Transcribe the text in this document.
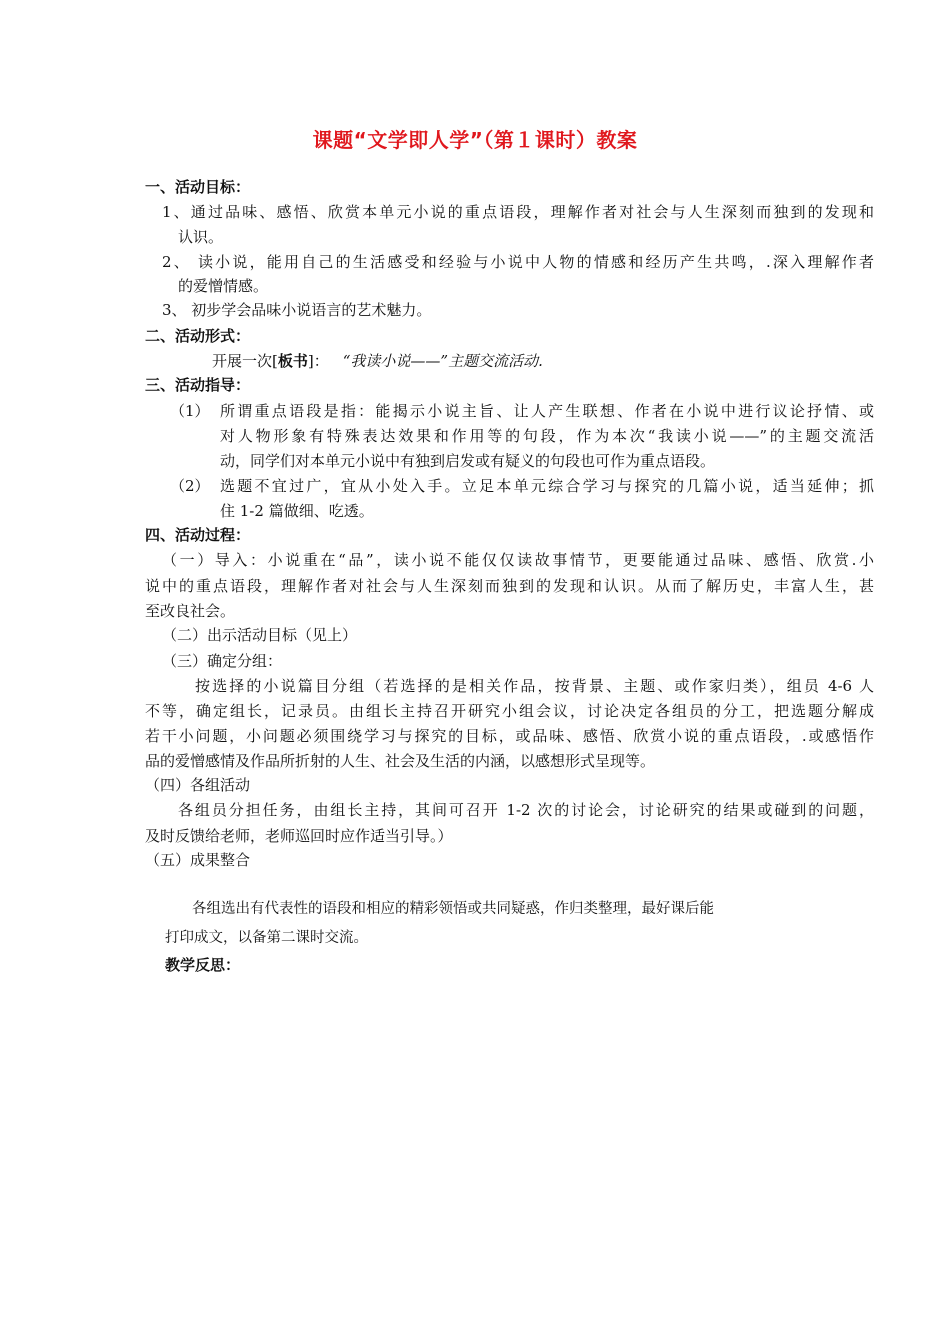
课题“文学即人学”（第１课时）教案
一、活动目标：
1、通过品味、感悟、欣赏本单元小说的重点语段，理解作者对社会与人生深刻而独到的发现和
认识。
2、 读小说，能用自己的生活感受和经验与小说中人物的情感和经历产生共鸣，.深入理解作者
的爱憎情感。
3、 初步学会品味小说语言的艺术魅力。
二、活动形式：
开展一次[板书]： “我读小说——”主题交流活动.
三、活动指导：
（1） 所谓重点语段是指：能揭示小说主旨、让人产生联想、作者在小说中进行议论抒情、或
对人物形象有特殊表达效果和作用等的句段，作为本次“我读小说——”的主题交流活
动，同学们对本单元小说中有独到启发或有疑义的句段也可作为重点语段。
（2） 选题不宜过广，宜从小处入手。立足本单元综合学习与探究的几篇小说，适当延伸；抓
住 1-2 篇做细、吃透。
四、活动过程：
（一）导入：小说重在“品”，读小说不能仅仅读故事情节，更要能通过品味、感悟、欣赏.小
说中的重点语段，理解作者对社会与人生深刻而独到的发现和认识。从而了解历史，丰富人生，甚
至改良社会。
（二）出示活动目标（见上）
（三）确定分组：
按选择的小说篇目分组（若选择的是相关作品，按背景、主题、或作家归类），组员 4-6 人
不等，确定组长，记录员。由组长主持召开研究小组会议，讨论决定各组员的分工，把选题分解成
若干小问题，小问题必须围绕学习与探究的目标，或品味、感悟、欣赏小说的重点语段，.或感悟作
品的爱憎感情及作品所折射的人生、社会及生活的内涵，以感想形式呈现等。
（四）各组活动
各组员分担任务，由组长主持，其间可召开 1-2 次的讨论会，讨论研究的结果或碰到的问题，
及时反馈给老师，老师巡回时应作适当引导。）
（五）成果整合
各组选出有代表性的语段和相应的精彩领悟或共同疑惑，作归类整理，最好课后能
打印成文，以备第二课时交流。
教学反思：
